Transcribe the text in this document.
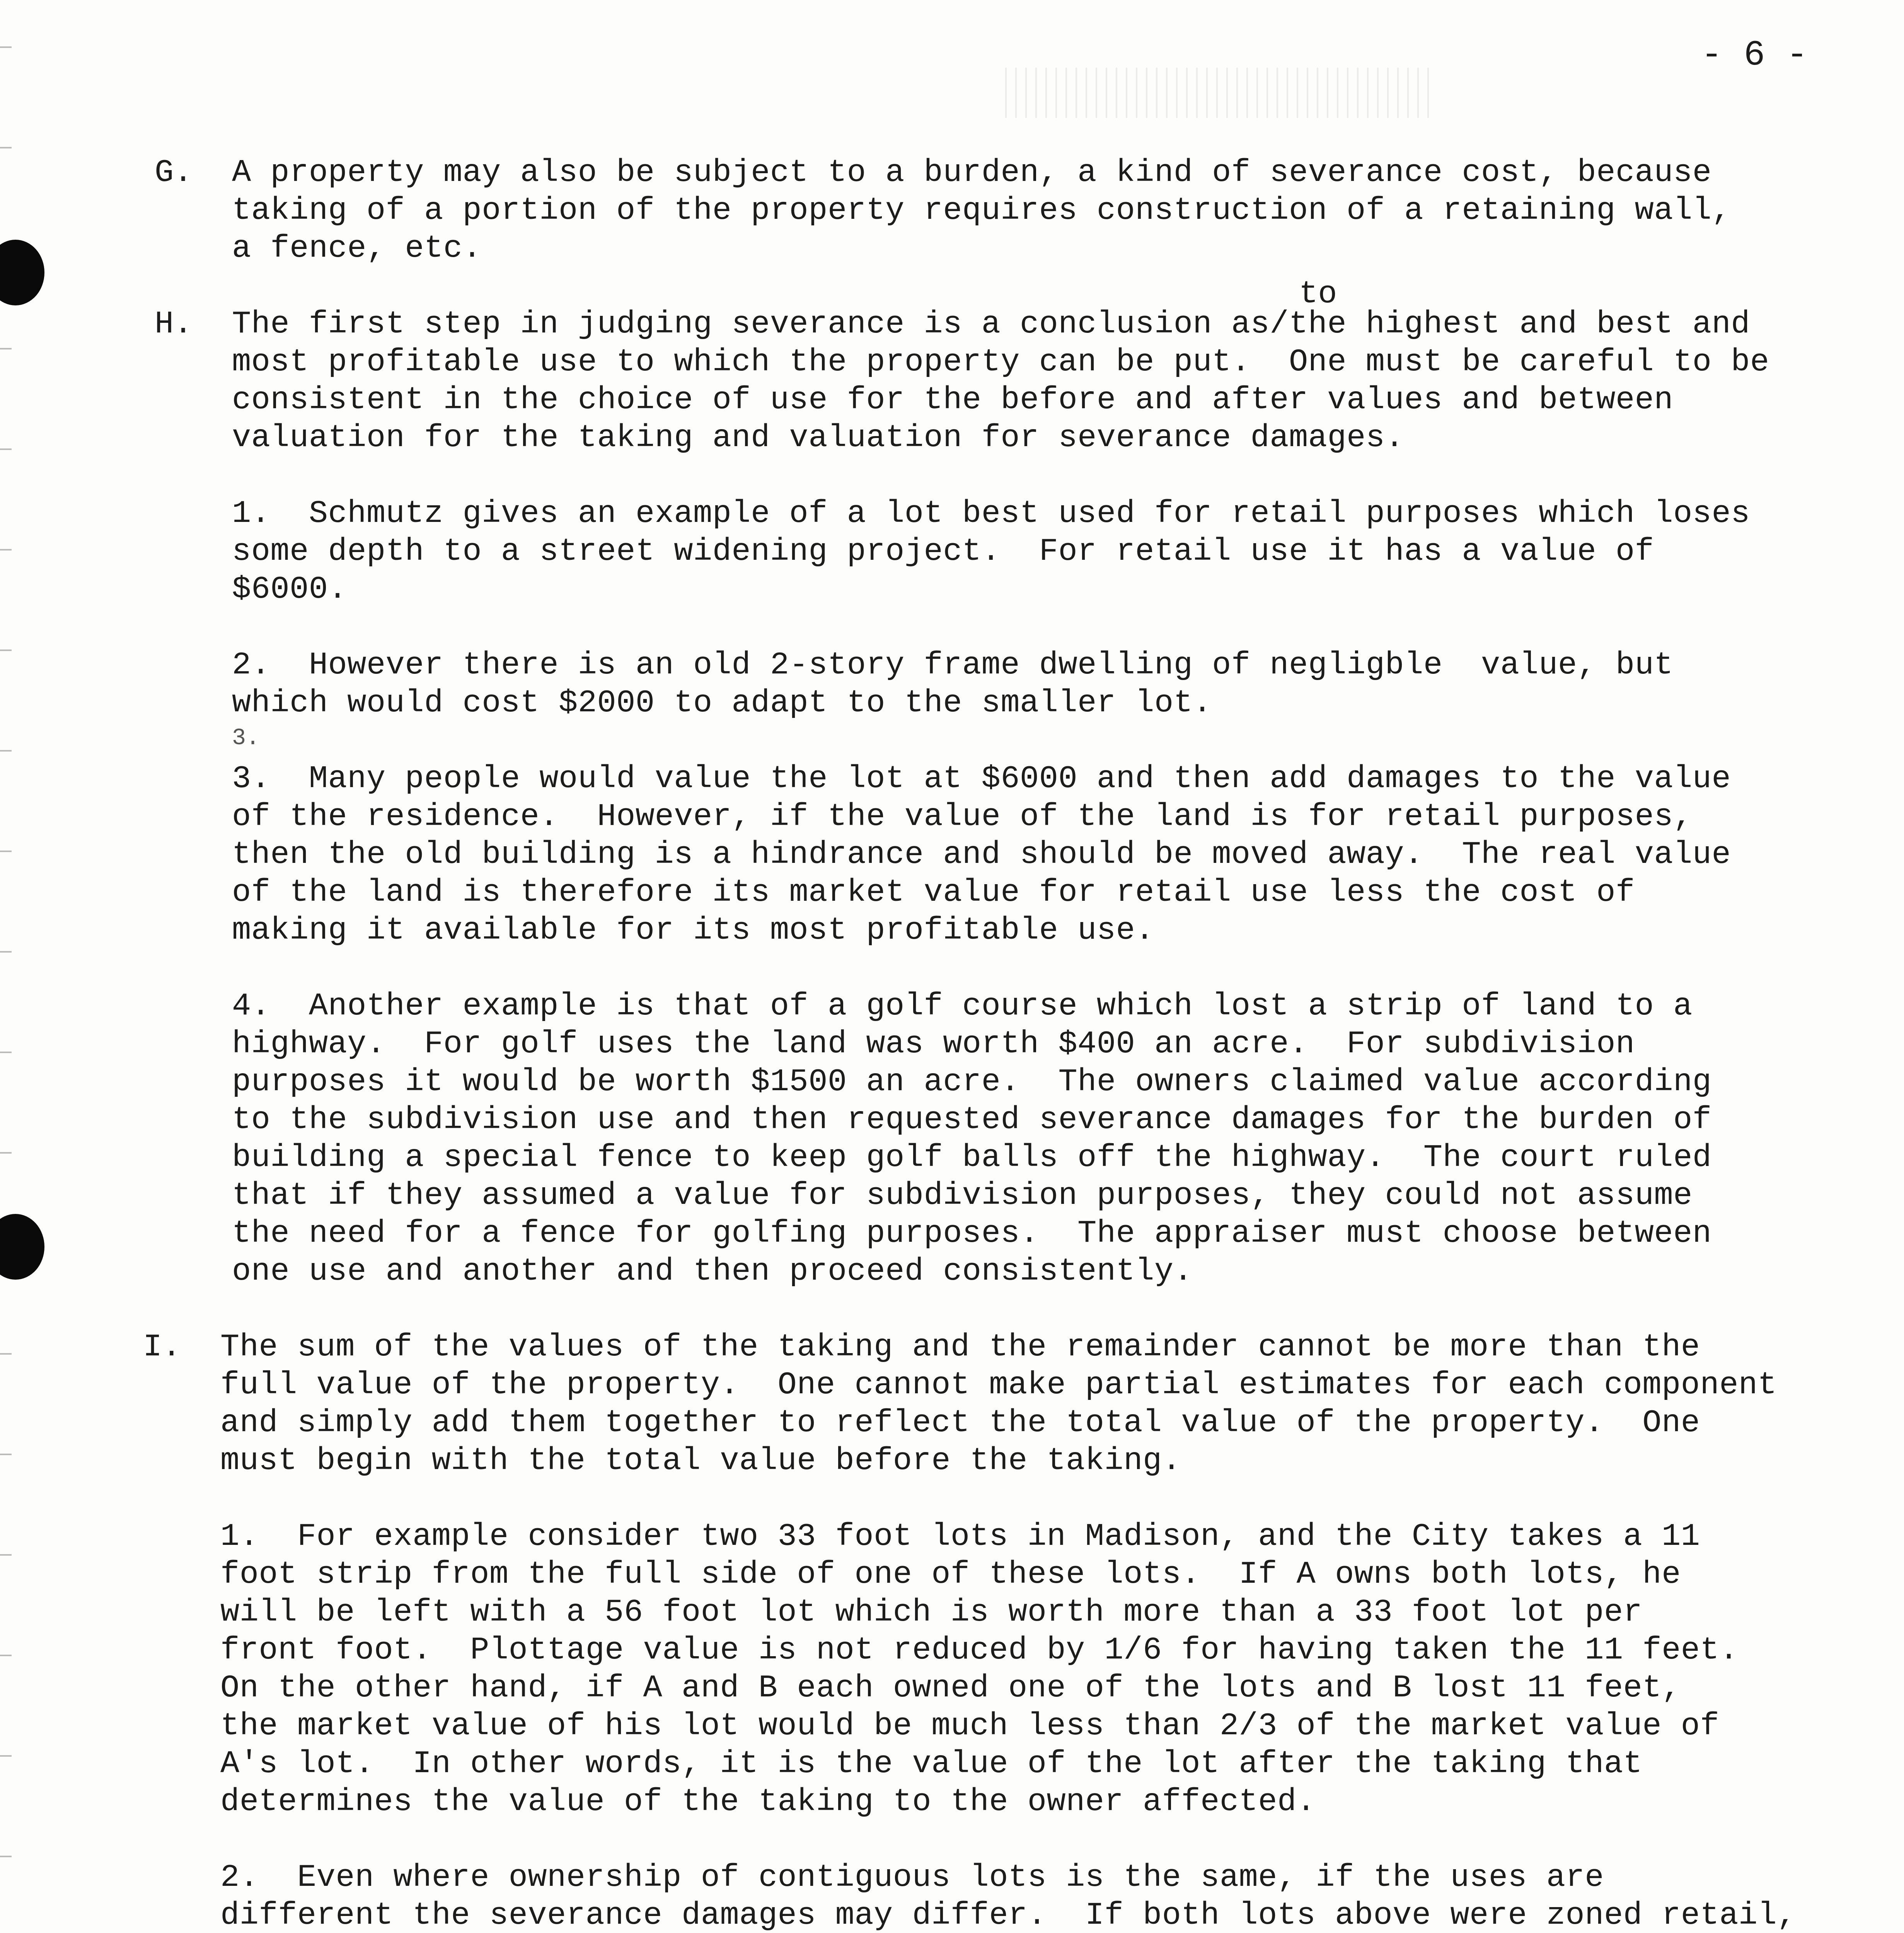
- 6 -
G. A property may also be subject to a burden, a kind of severance cost, because
taking of a portion of the property requires construction of a retaining wall,
a fence, etc.
to
H. The first step in judging severance is a conclusion as/the highest and best and
most profitable use to which the property can be put.  One must be careful to be
consistent in the choice of use for the before and after values and between
valuation for the taking and valuation for severance damages.
1.  Schmutz gives an example of a lot best used for retail purposes which loses
some depth to a street widening project.  For retail use it has a value of
$6000.
2.  However there is an old 2-story frame dwelling of negligble  value, but
which would cost $2000 to adapt to the smaller lot.
3.
3.  Many people would value the lot at $6000 and then add damages to the value
of the residence.  However, if the value of the land is for retail purposes,
then the old building is a hindrance and should be moved away.  The real value
of the land is therefore its market value for retail use less the cost of
making it available for its most profitable use.
4.  Another example is that of a golf course which lost a strip of land to a
highway.  For golf uses the land was worth $400 an acre.  For subdivision
purposes it would be worth $1500 an acre.  The owners claimed value according
to the subdivision use and then requested severance damages for the burden of
building a special fence to keep golf balls off the highway.  The court ruled
that if they assumed a value for subdivision purposes, they could not assume
the need for a fence for golfing purposes.  The appraiser must choose between
one use and another and then proceed consistently.
I. The sum of the values of the taking and the remainder cannot be more than the
full value of the property.  One cannot make partial estimates for each component
and simply add them together to reflect the total value of the property.  One
must begin with the total value before the taking.
1.  For example consider two 33 foot lots in Madison, and the City takes a 11
foot strip from the full side of one of these lots.  If A owns both lots, he
will be left with a 56 foot lot which is worth more than a 33 foot lot per
front foot.  Plottage value is not reduced by 1/6 for having taken the 11 feet.
On the other hand, if A and B each owned one of the lots and B lost 11 feet,
the market value of his lot would be much less than 2/3 of the market value of
A's lot.  In other words, it is the value of the lot after the taking that
determines the value of the taking to the owner affected.
2.  Even where ownership of contiguous lots is the same, if the uses are
different the severance damages may differ.  If both lots above were zoned retail,
